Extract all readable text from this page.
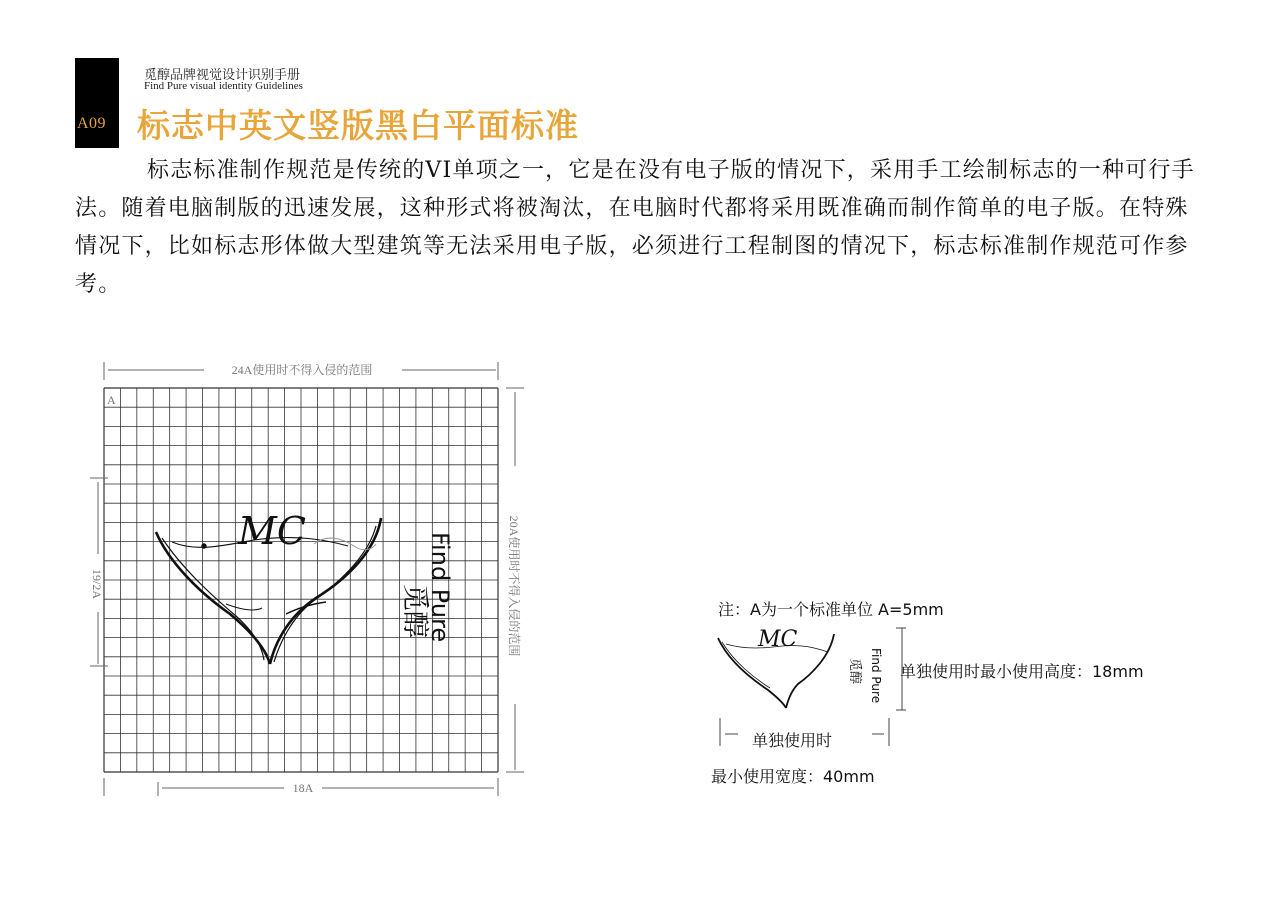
A09
觅醇品牌视觉设计识别手册
Find Pure visual identity Guidelines
标志中英文竖版黑白平面标准

标志标准制作规范是传统的VI单项之一，它是在没有电子版的情况下，采用手工绘制标志的一种可行手法。随着电脑制版的迅速发展，这种形式将被淘汰，在电脑时代都将采用既准确而制作简单的电子版。在特殊情况下，比如标志形体做大型建筑等无法采用电子版，必须进行工程制图的情况下，标志标准制作规范可作参考。

24A使用时不得入侵的范围
A
19/2A	20A使用时不得入侵的范围
18A
MC
觅醇
Find Pure	注：A为一个标准单位 A=5mm
MC
觅醇 Find Pure 单独使用时最小使用高度：18mm
单独使用时
最小使用宽度：40mm
